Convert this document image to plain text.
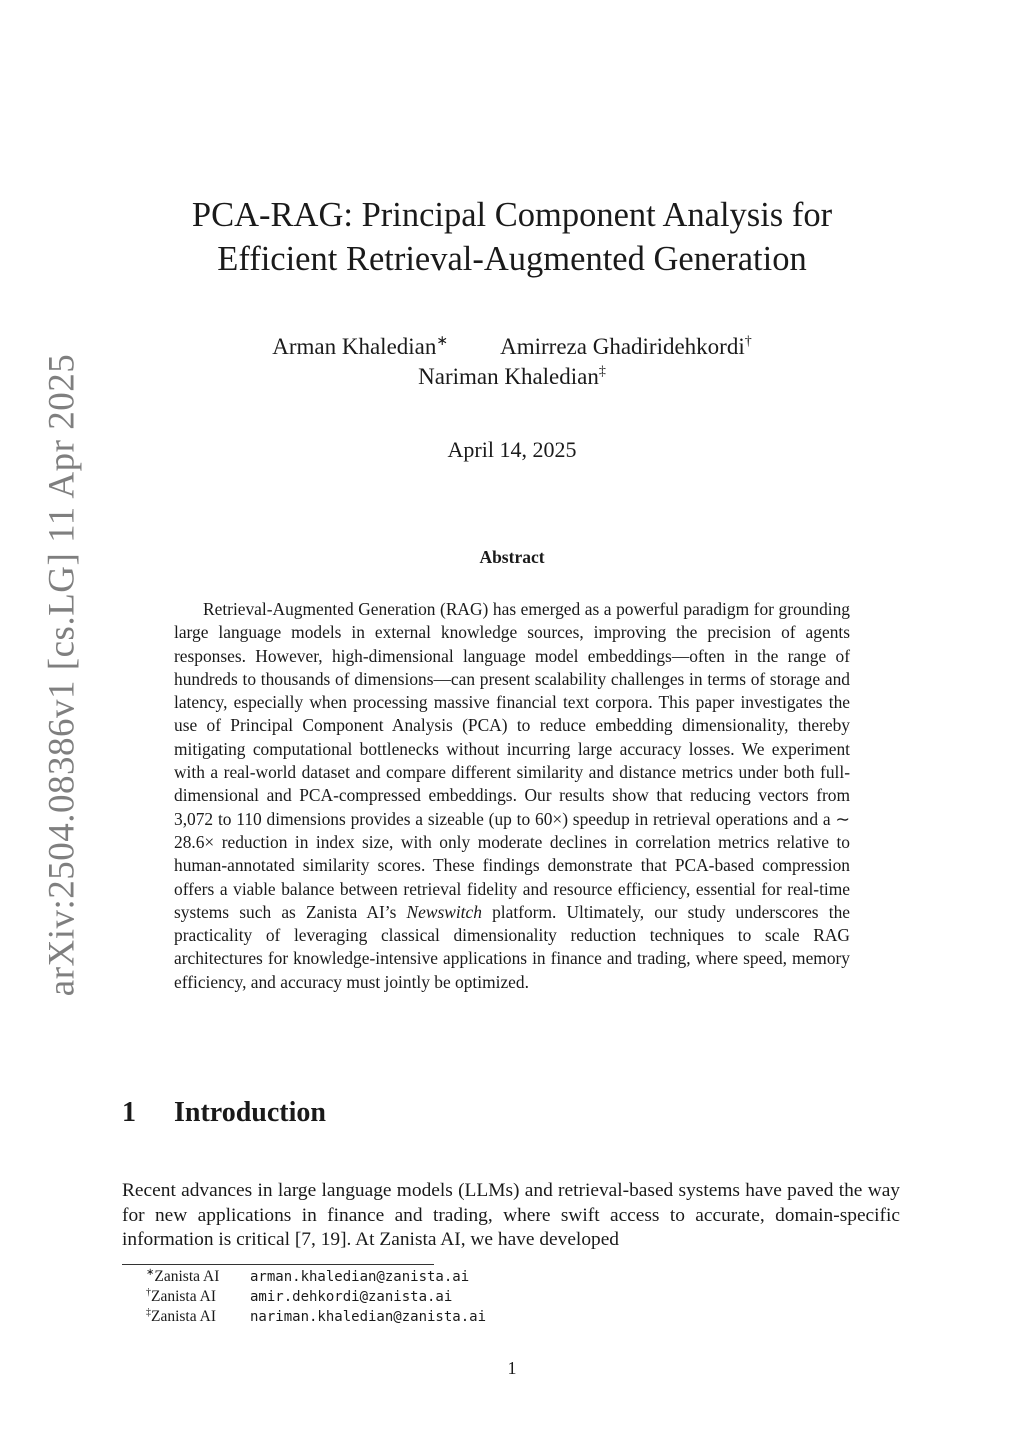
arXiv:2504.08386v1 [cs.LG] 11 Apr 2025
PCA-RAG: Principal Component Analysis for
Efficient Retrieval-Augmented Generation
Arman Khaledian∗ Amirreza Ghadiridehkordi†
Nariman Khaledian‡
April 14, 2025
Abstract

Retrieval-Augmented Generation (RAG) has emerged as a powerful paradigm for grounding large language models in external knowledge sources, improving the precision of agents responses. However, high-dimensional language model embeddings—often in the range of hundreds to thousands of dimensions—can present scalability challenges in terms of storage and latency, especially when processing massive financial text corpora. This paper investigates the use of Principal Component Analysis (PCA) to reduce embedding dimensionality, thereby mitigating computational bottlenecks without incurring large accuracy losses. We experiment with a real-world dataset and compare different similarity and distance metrics under both full-dimensional and PCA-compressed embeddings. Our results show that reducing vectors from 3,072 to 110 dimensions provides a sizeable (up to 60×) speedup in retrieval operations and a ∼ 28.6× reduction in index size, with only moderate declines in correlation metrics relative to human-annotated similarity scores. These findings demonstrate that PCA-based compression offers a viable balance between retrieval fidelity and resource efficiency, essential for real-time systems such as Zanista AI’s Newswitch platform. Ultimately, our study underscores the practicality of leveraging classical dimensionality reduction techniques to scale RAG architectures for knowledge-intensive applications in finance and trading, where speed, memory efficiency, and accuracy must jointly be optimized.

1 Introduction

Recent advances in large language models (LLMs) and retrieval-based systems have paved the way for new applications in finance and trading, where swift access to accurate, domain-specific information is critical [7, 19]. At Zanista AI, we have developed

∗Zanista AI arman.khaledian@zanista.ai
†Zanista AI amir.dehkordi@zanista.ai
‡Zanista AI nariman.khaledian@zanista.ai
1
